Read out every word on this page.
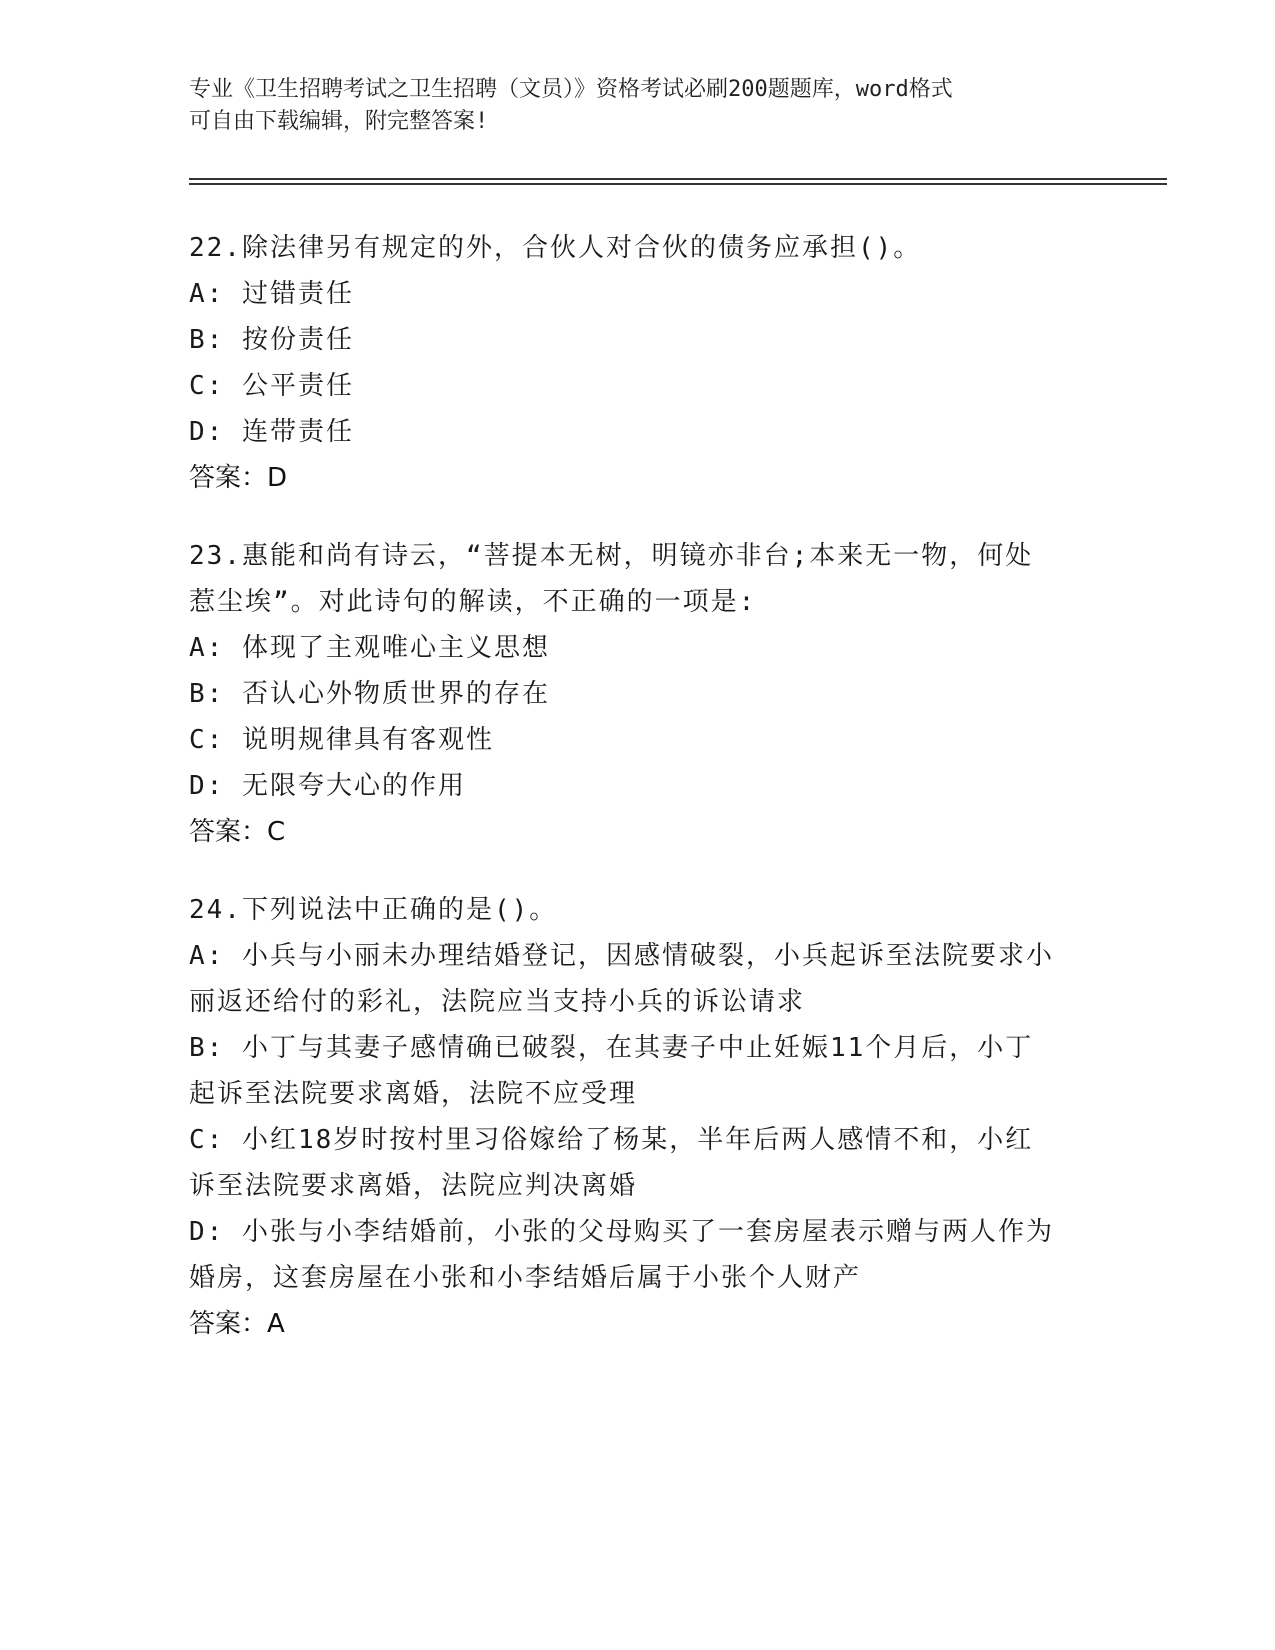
专业《卫生招聘考试之卫生招聘（文员）》资格考试必刷200题题库，word格式
可自由下载编辑，附完整答案!
22.除法律另有规定的外，合伙人对合伙的债务应承担()。
A: 过错责任
B: 按份责任
C: 公平责任
D: 连带责任
答案：D
23.惠能和尚有诗云，“菩提本无树，明镜亦非台;本来无一物，何处
惹尘埃”。对此诗句的解读，不正确的一项是:
A: 体现了主观唯心主义思想
B: 否认心外物质世界的存在
C: 说明规律具有客观性
D: 无限夸大心的作用
答案：C
24.下列说法中正确的是()。
A: 小兵与小丽未办理结婚登记，因感情破裂，小兵起诉至法院要求小
丽返还给付的彩礼，法院应当支持小兵的诉讼请求
B: 小丁与其妻子感情确已破裂，在其妻子中止妊娠11个月后，小丁
起诉至法院要求离婚，法院不应受理
C: 小红18岁时按村里习俗嫁给了杨某，半年后两人感情不和，小红
诉至法院要求离婚，法院应判决离婚
D: 小张与小李结婚前，小张的父母购买了一套房屋表示赠与两人作为
婚房，这套房屋在小张和小李结婚后属于小张个人财产
答案：A
